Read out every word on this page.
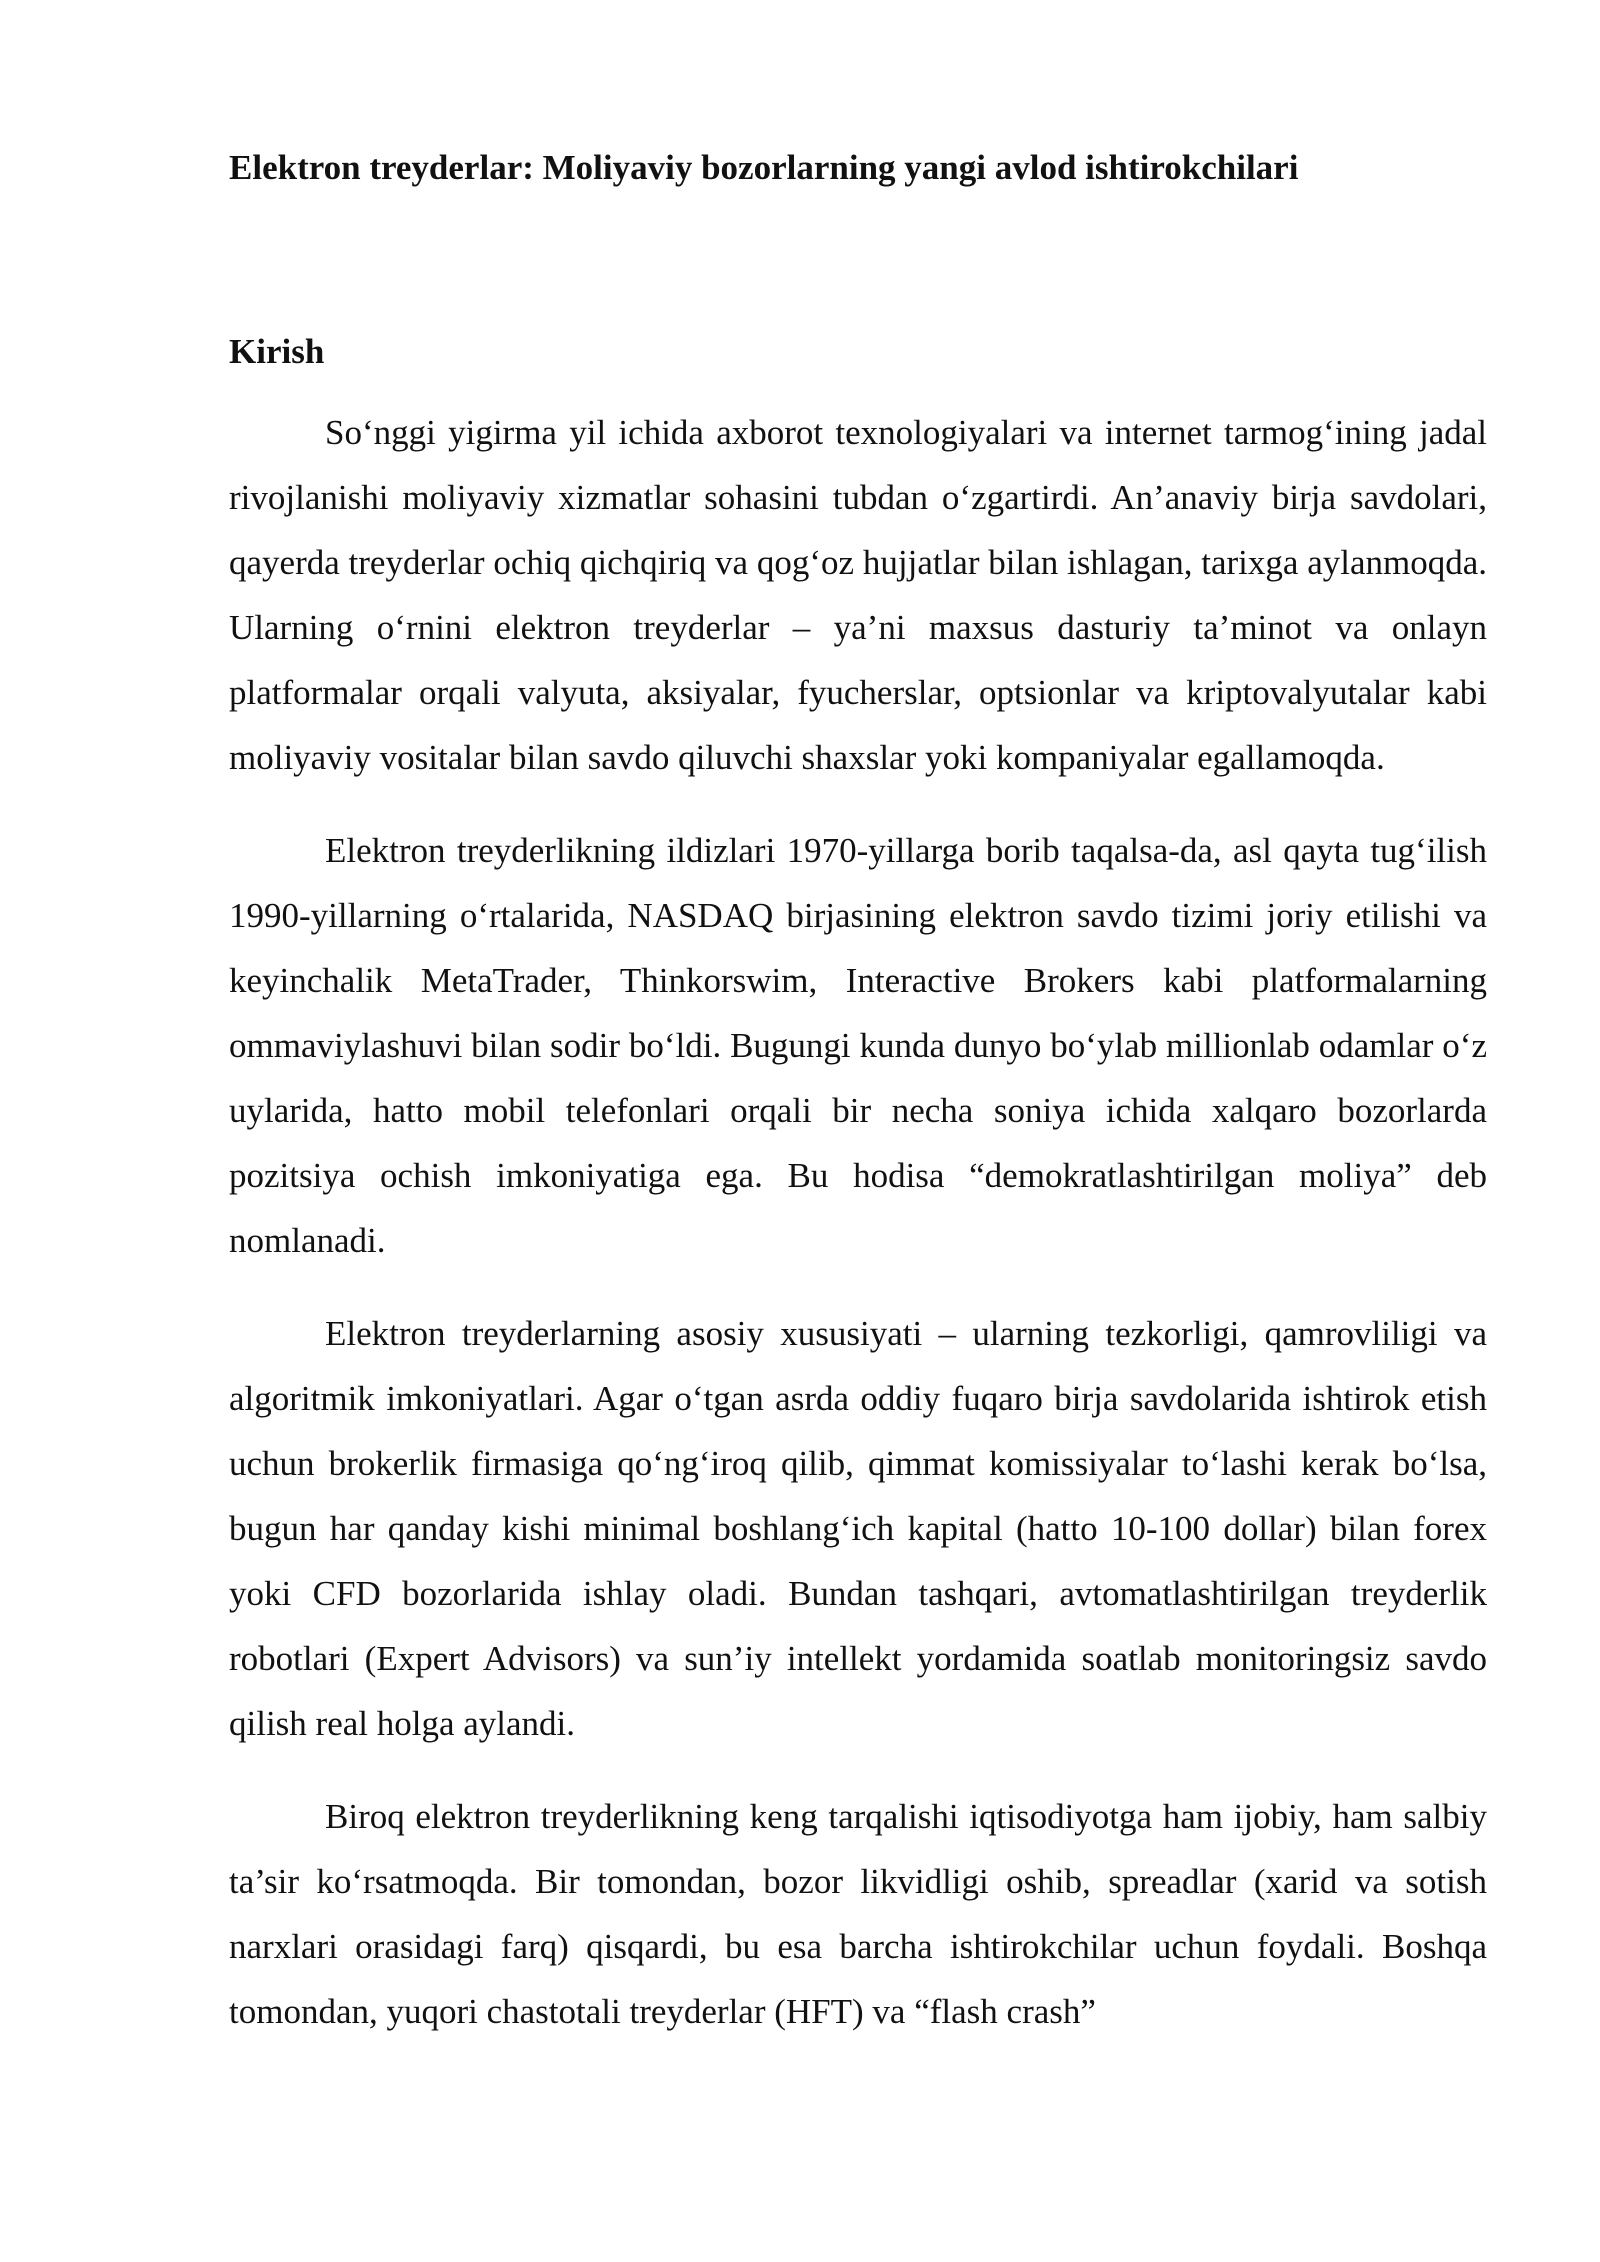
Elektron treyderlar: Moliyaviy bozorlarning yangi avlod ishtirokchilari
Kirish

So‘nggi yigirma yil ichida axborot texnologiyalari va internet tarmog‘ining jadal rivojlanishi moliyaviy xizmatlar sohasini tubdan o‘zgartirdi. An’anaviy birja savdolari, qayerda treyderlar ochiq qichqiriq va qog‘oz hujjatlar bilan ishlagan, tarixga aylanmoqda. Ularning o‘rnini elektron treyderlar – ya’ni maxsus dasturiy ta’minot va onlayn platformalar orqali valyuta, aksiyalar, fyucherslar, optsionlar va kriptovalyutalar kabi moliyaviy vositalar bilan savdo qiluvchi shaxslar yoki kompaniyalar egallamoqda.

Elektron treyderlikning ildizlari 1970-yillarga borib taqalsa-da, asl qayta tug‘ilish 1990-yillarning o‘rtalarida, NASDAQ birjasining elektron savdo tizimi joriy etilishi va keyinchalik MetaTrader, Thinkorswim, Interactive Brokers kabi platformalarning ommaviylashuvi bilan sodir bo‘ldi. Bugungi kunda dunyo bo‘ylab millionlab odamlar o‘z uylarida, hatto mobil telefonlari orqali bir necha soniya ichida xalqaro bozorlarda pozitsiya ochish imkoniyatiga ega. Bu hodisa “demokratlashtirilgan moliya” deb nomlanadi.

Elektron treyderlarning asosiy xususiyati – ularning tezkorligi, qamrovliligi va algoritmik imkoniyatlari. Agar o‘tgan asrda oddiy fuqaro birja savdolarida ishtirok etish uchun brokerlik firmasiga qo‘ng‘iroq qilib, qimmat komissiyalar to‘lashi kerak bo‘lsa, bugun har qanday kishi minimal boshlang‘ich kapital (hatto 10-100 dollar) bilan forex yoki CFD bozorlarida ishlay oladi. Bundan tashqari, avtomatlashtirilgan treyderlik robotlari (Expert Advisors) va sun’iy intellekt yordamida soatlab monitoringsiz savdo qilish real holga aylandi.

Biroq elektron treyderlikning keng tarqalishi iqtisodiyotga ham ijobiy, ham salbiy ta’sir ko‘rsatmoqda. Bir tomondan, bozor likvidligi oshib, spreadlar (xarid va sotish narxlari orasidagi farq) qisqardi, bu esa barcha ishtirokchilar uchun foydali. Boshqa tomondan, yuqori chastotali treyderlar (HFT) va “flash crash”
